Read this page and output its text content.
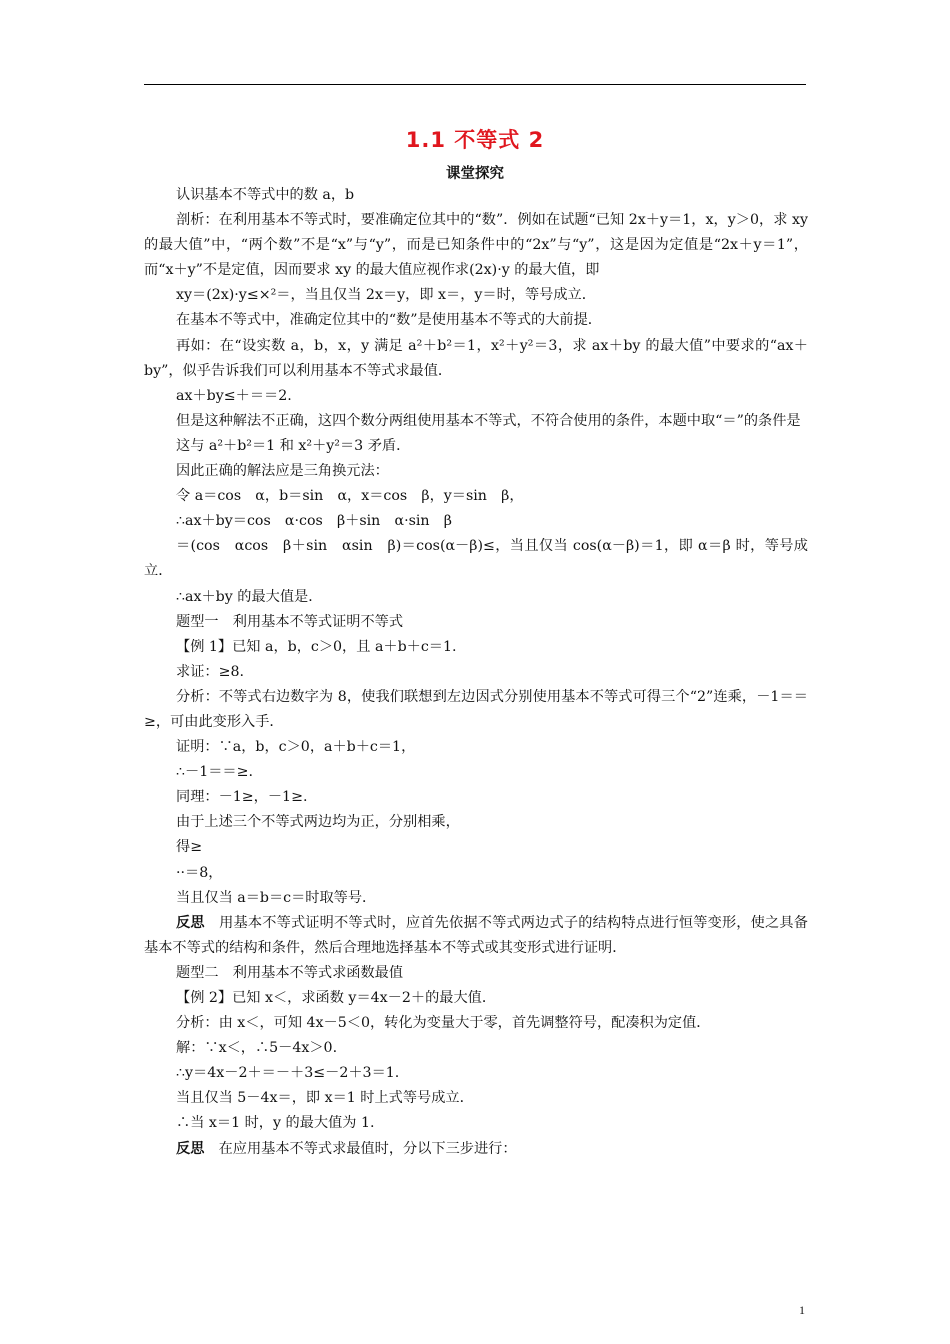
1.1 不等式 2
课堂探究

认识基本不等式中的数 a，b

剖析：在利用基本不等式时，要准确定位其中的“数”．例如在试题“已知 2x＋y＝1，x，y＞0，求 xy 的最大值”中，“两个数”不是“x”与“y”，而是已知条件中的“2x”与“y”，这是因为定值是“2x＋y＝1”，而“x＋y”不是定值，因而要求 xy 的最大值应视作求(2x)·y 的最大值，即

xy＝(2x)·y≤×²＝，当且仅当 2x＝y，即 x＝，y＝时，等号成立．

在基本不等式中，准确定位其中的“数”是使用基本不等式的大前提．

再如：在“设实数 a，b，x，y 满足 a²＋b²＝1，x²＋y²＝3，求 ax＋by 的最大值”中要求的“ax＋by”，似乎告诉我们可以利用基本不等式求最值．

ax＋by≤＋＝＝2.

但是这种解法不正确，这四个数分两组使用基本不等式，不符合使用的条件，本题中取“＝”的条件是

这与 a²＋b²＝1 和 x²＋y²＝3 矛盾．

因此正确的解法应是三角换元法：

令 a＝cos　α，b＝sin　α，x＝cos　β，y＝sin　β，

∴ax＋by＝cos　α·cos　β＋sin　α·sin　β

＝(cos　αcos　β＋sin　αsin　β)＝cos(α－β)≤，当且仅当 cos(α－β)＝1，即 α＝β 时，等号成立．

∴ax＋by 的最大值是．

题型一　利用基本不等式证明不等式

【例 1】已知 a，b，c＞0，且 a＋b＋c＝1.

求证：≥8.

分析：不等式右边数字为 8，使我们联想到左边因式分别使用基本不等式可得三个“2”连乘，－1＝＝≥，可由此变形入手．

证明：∵a，b，c＞0，a＋b＋c＝1，

∴－1＝＝≥.

同理：－1≥，－1≥.

由于上述三个不等式两边均为正，分别相乘，

得≥

··＝8，

当且仅当 a＝b＝c＝时取等号．

反思　 用基本不等式证明不等式时，应首先依据不等式两边式子的结构特点进行恒等变形，使之具备基本不等式的结构和条件，然后合理地选择基本不等式或其变形式进行证明．

题型二　利用基本不等式求函数最值

【例 2】已知 x＜，求函数 y＝4x－2＋的最大值．

分析：由 x＜，可知 4x－5＜0，转化为变量大于零，首先调整符号，配凑积为定值．

解：∵x＜，∴5－4x＞0.

∴y＝4x－2＋＝－＋3≤－2＋3＝1.

当且仅当 5－4x＝，即 x＝1 时上式等号成立．

∴当 x＝1 时，y 的最大值为 1.

反思　 在应用基本不等式求最值时，分以下三步进行：

1
